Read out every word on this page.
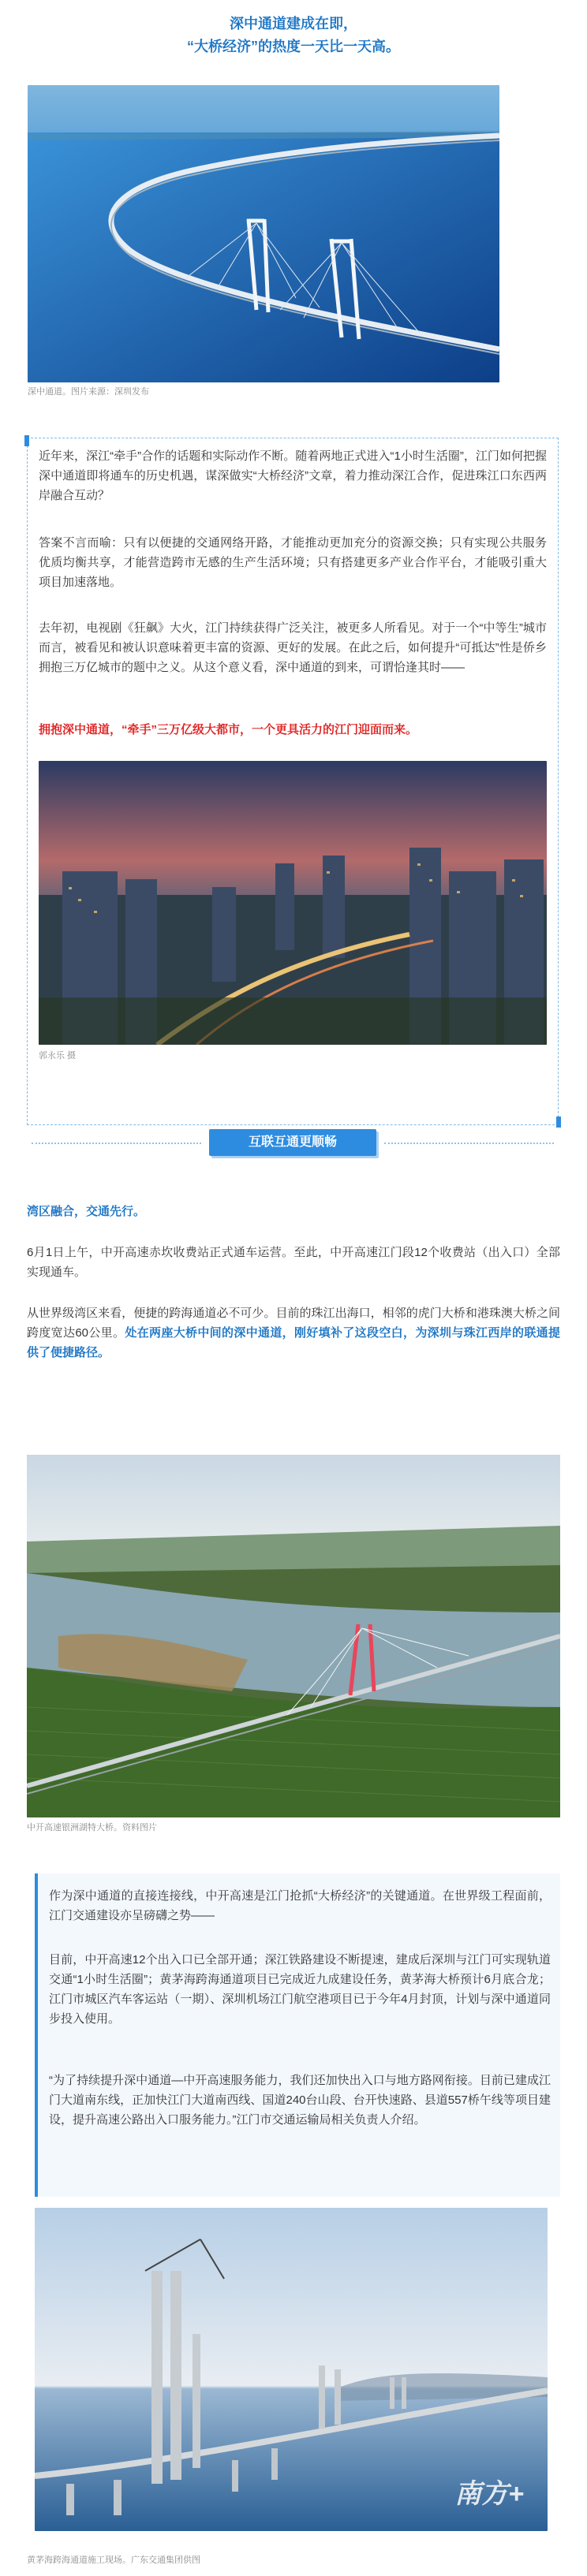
深中通道建成在即，
“大桥经济”的热度一天比一天高。
深中通道。图片来源：深圳发布
近年来，深江“牵手”合作的话题和实际动作不断。随着两地正式进入“1小时生活圈”，江门如何把握深中通道即将通车的历史机遇，谋深做实“大桥经济”文章，着力推动深江合作，促进珠江口东西两岸融合互动？
答案不言而喻：只有以便捷的交通网络开路，才能推动更加充分的资源交换；只有实现公共服务优质均衡共享，才能营造跨市无感的生产生活环境；只有搭建更多产业合作平台，才能吸引重大项目加速落地。
去年初，电视剧《狂飙》大火，江门持续获得广泛关注，被更多人所看见。对于一个“中等生”城市而言，被看见和被认识意味着更丰富的资源、更好的发展。在此之后，如何提升“可抵达”性是侨乡拥抱三万亿城市的题中之义。从这个意义看，深中通道的到来，可谓恰逢其时——
拥抱深中通道，“牵手”三万亿级大都市，一个更具活力的江门迎面而来。
郭永乐 摄
互联互通更顺畅
湾区融合，交通先行。
6月1日上午，中开高速赤坎收费站正式通车运营。至此，中开高速江门段12个收费站（出入口）全部实现通车。
从世界级湾区来看，便捷的跨海通道必不可少。目前的珠江出海口，相邻的虎门大桥和港珠澳大桥之间跨度宽达60公里。处在两座大桥中间的深中通道，刚好填补了这段空白，为深圳与珠江西岸的联通提供了便捷路径。
中开高速银洲湖特大桥。资料图片
作为深中通道的直接连接线，中开高速是江门抢抓“大桥经济”的关键通道。在世界级工程面前，江门交通建设亦呈磅礴之势——
目前，中开高速12个出入口已全部开通；深江铁路建设不断提速，建成后深圳与江门可实现轨道交通“1小时生活圈”；黄茅海跨海通道项目已完成近九成建设任务，黄茅海大桥预计6月底合龙；江门市城区汽车客运站（一期）、深圳机场江门航空港项目已于今年4月封顶，计划与深中通道同步投入使用。
“为了持续提升深中通道—中开高速服务能力，我们还加快出入口与地方路网衔接。目前已建成江门大道南东线，正加快江门大道南西线、国道240台山段、台开快速路、县道557桥午线等项目建设，提升高速公路出入口服务能力。”江门市交通运输局相关负责人介绍。
南方+
黄茅海跨海通道施工现场。广东交通集团供图
